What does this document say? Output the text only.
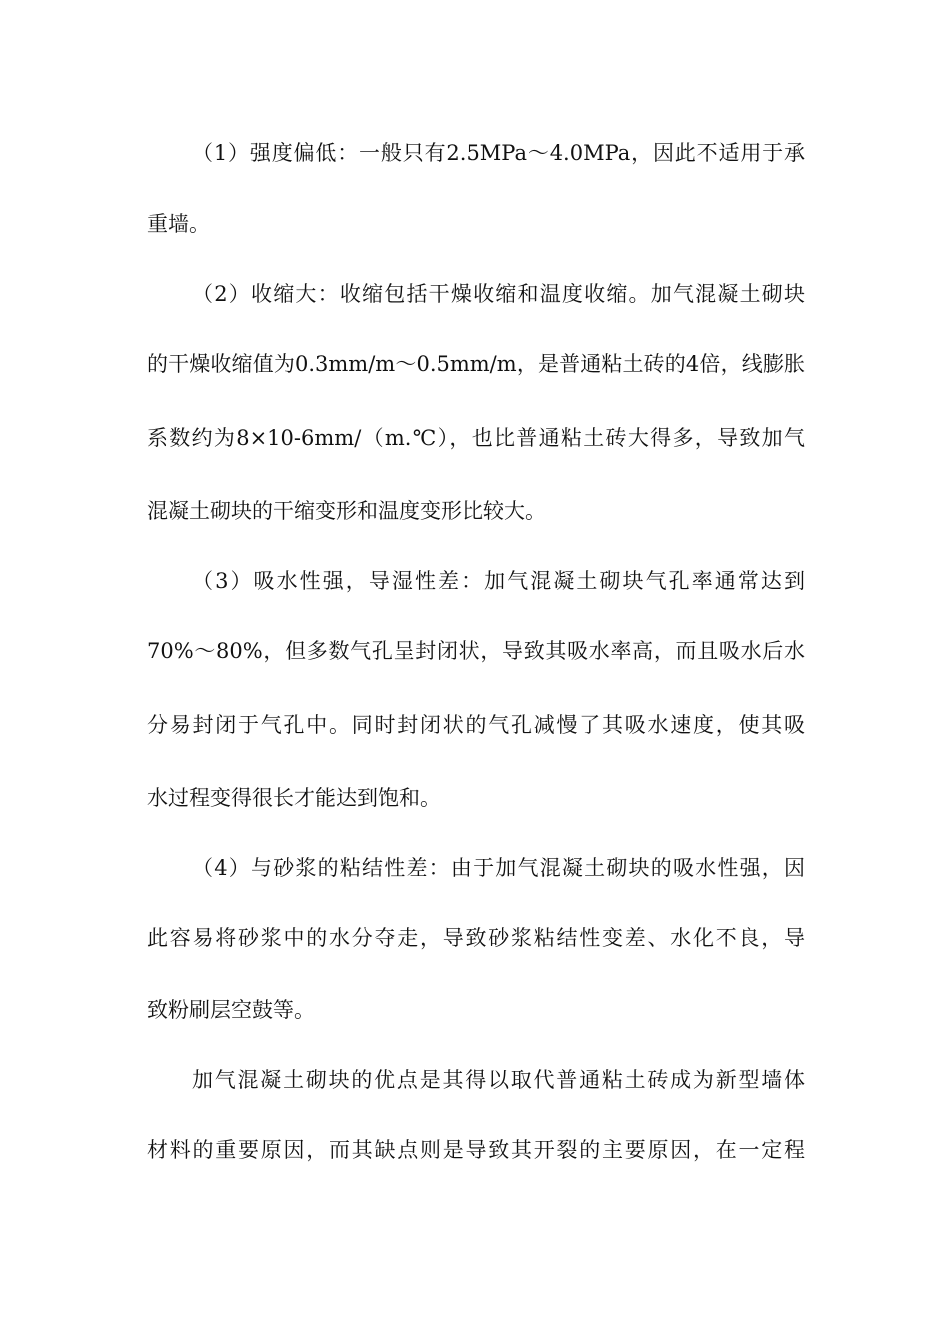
（1）强度偏低：一般只有2.5MPa～4.0MPa，因此不适用于承
重墙。
（2）收缩大：收缩包括干燥收缩和温度收缩。加气混凝土砌块
的干燥收缩值为0.3mm/m～0.5mm/m，是普通粘土砖的4倍，线膨胀
系数约为8×10-6mm/（m.℃），也比普通粘土砖大得多，导致加气
混凝土砌块的干缩变形和温度变形比较大。
（3）吸水性强，导湿性差：加气混凝土砌块气孔率通常达到
70%～80%，但多数气孔呈封闭状，导致其吸水率高，而且吸水后水
分易封闭于气孔中。同时封闭状的气孔减慢了其吸水速度，使其吸
水过程变得很长才能达到饱和。
（4）与砂浆的粘结性差：由于加气混凝土砌块的吸水性强，因
此容易将砂浆中的水分夺走，导致砂浆粘结性变差、水化不良，导
致粉刷层空鼓等。
加气混凝土砌块的优点是其得以取代普通粘土砖成为新型墙体
材料的重要原因，而其缺点则是导致其开裂的主要原因，在一定程
